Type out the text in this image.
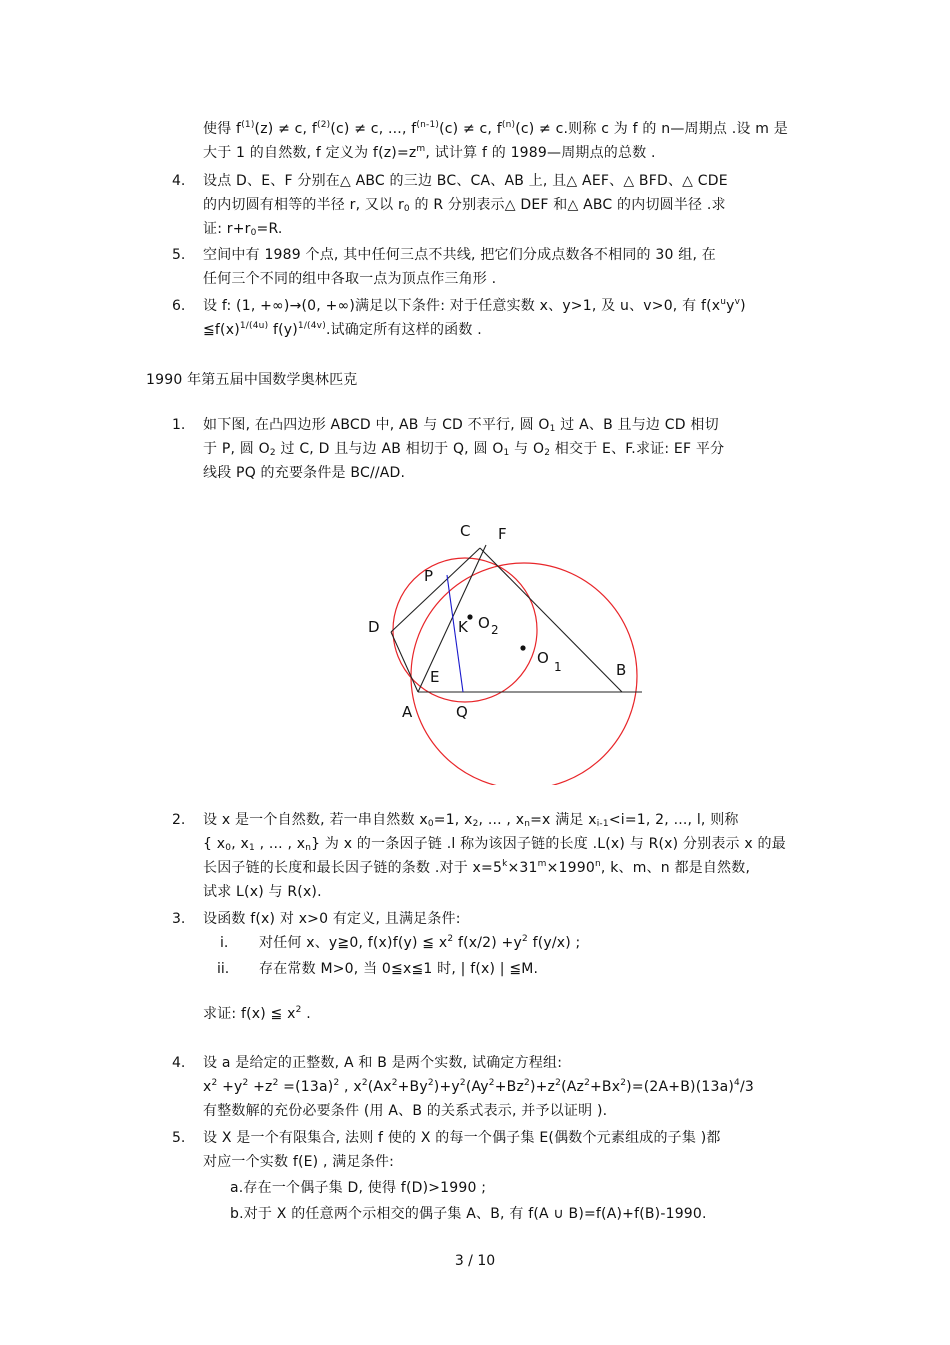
使得 $f^{(1)}(z) \ne c$, $f^{(2)}(c) \ne c$, ..., $f^{(n-1)}(c) \ne c$, $f^{(n)}(c) \ne c$.则称 c 为 f 的 n—周期点 .设 m 是
大于 1 的自然数, f 定义为 $f(z)=z^m$, 试计算 f 的 1989—周期点的总数 .
4. 设点 D、E、F 分别在△ ABC 的三边 BC、CA、AB 上, 且△ AEF、△ BFD、△ CDE
的内切圆有相等的半径 r, 又以 $r_0$ 的 R 分别表示△ DEF 和△ ABC 的内切圆半径 .求
证: $r+r_0=R$.
5. 空间中有 1989 个点, 其中任何三点不共线, 把它们分成点数各不相同的 30 组, 在
任何三个不同的组中各取一点为顶点作三角形 .
6. 设 f: (1, +∞)→(0, +∞)满足以下条件: 对于任意实数 x、y>1, 及 u、v>0, 有 $f(x^uy^v)$
$≦f(x)^{1/(4u)}$ $f(y)^{1/(4v)}$.试确定所有这样的函数 .
1990 年第五届中国数学奥林匹克
1. 如下图, 在凸四边形 ABCD 中, AB 与 CD 不平行, 圆 $O_1$ 过 A、B 且与边 CD 相切
于 P, 圆 $O_2$ 过 C, D 且与边 AB 相切于 Q, 圆 $O_1$ 与 $O_2$ 相交于 E、F.求证: EF 平分
线段 PQ 的充要条件是 BC//AD.
C F
P
D	K O 2
O 1
E	B
A	Q
2. 设 x 是一个自然数, 若一串自然数 $x_0=1$, $x_2$, ... , $x_n=x$ 满足 $x_{i-1}<i=1$, 2, ..., l, 则称
{ $x_0$, $x_1$ , ... , $x_n$} 为 x 的一条因子链 .l 称为该因子链的长度 .L(x) 与 R(x) 分别表示 x 的最
长因子链的长度和最长因子链的条数 .对于 $x=5^k\times 31^m\times 1990^n$, k、m、n 都是自然数,
试求 L(x) 与 R(x).
3. 设函数 f(x) 对 x>0 有定义, 且满足条件:
i. 对任何 x、y≧0, f(x)f(y) ≦ $x^2$ $f(x/2) +y^2$ f(y/x) ;
ii. 存在常数 M>0, 当 0≦x≦1 时, | f(x) | ≦M.
求证: f(x) ≦ $x^2$ .
4. 设 a 是给定的正整数, A 和 B 是两个实数, 试确定方程组:
$x^2 +y^2 +z^2 =(13a)^2$ , $x^2(Ax^2+By^2)+y^2(Ay^2+Bz^2)+z^2(Az^2+Bx^2)=(2A+B)(13a)^4/3$
有整数解的充份必要条件 (用 A、B 的关系式表示, 并予以证明 ).
5. 设 X 是一个有限集合, 法则 f 使的 X 的每一个偶子集 E(偶数个元素组成的子集 )都
对应一个实数 f(E) , 满足条件:
a.存在一个偶子集 D, 使得 f(D)>1990 ;
b.对于 X 的任意两个示相交的偶子集 A、B, 有 f(A ∪ B)=f(A)+f(B)-1990.
3 / 10
